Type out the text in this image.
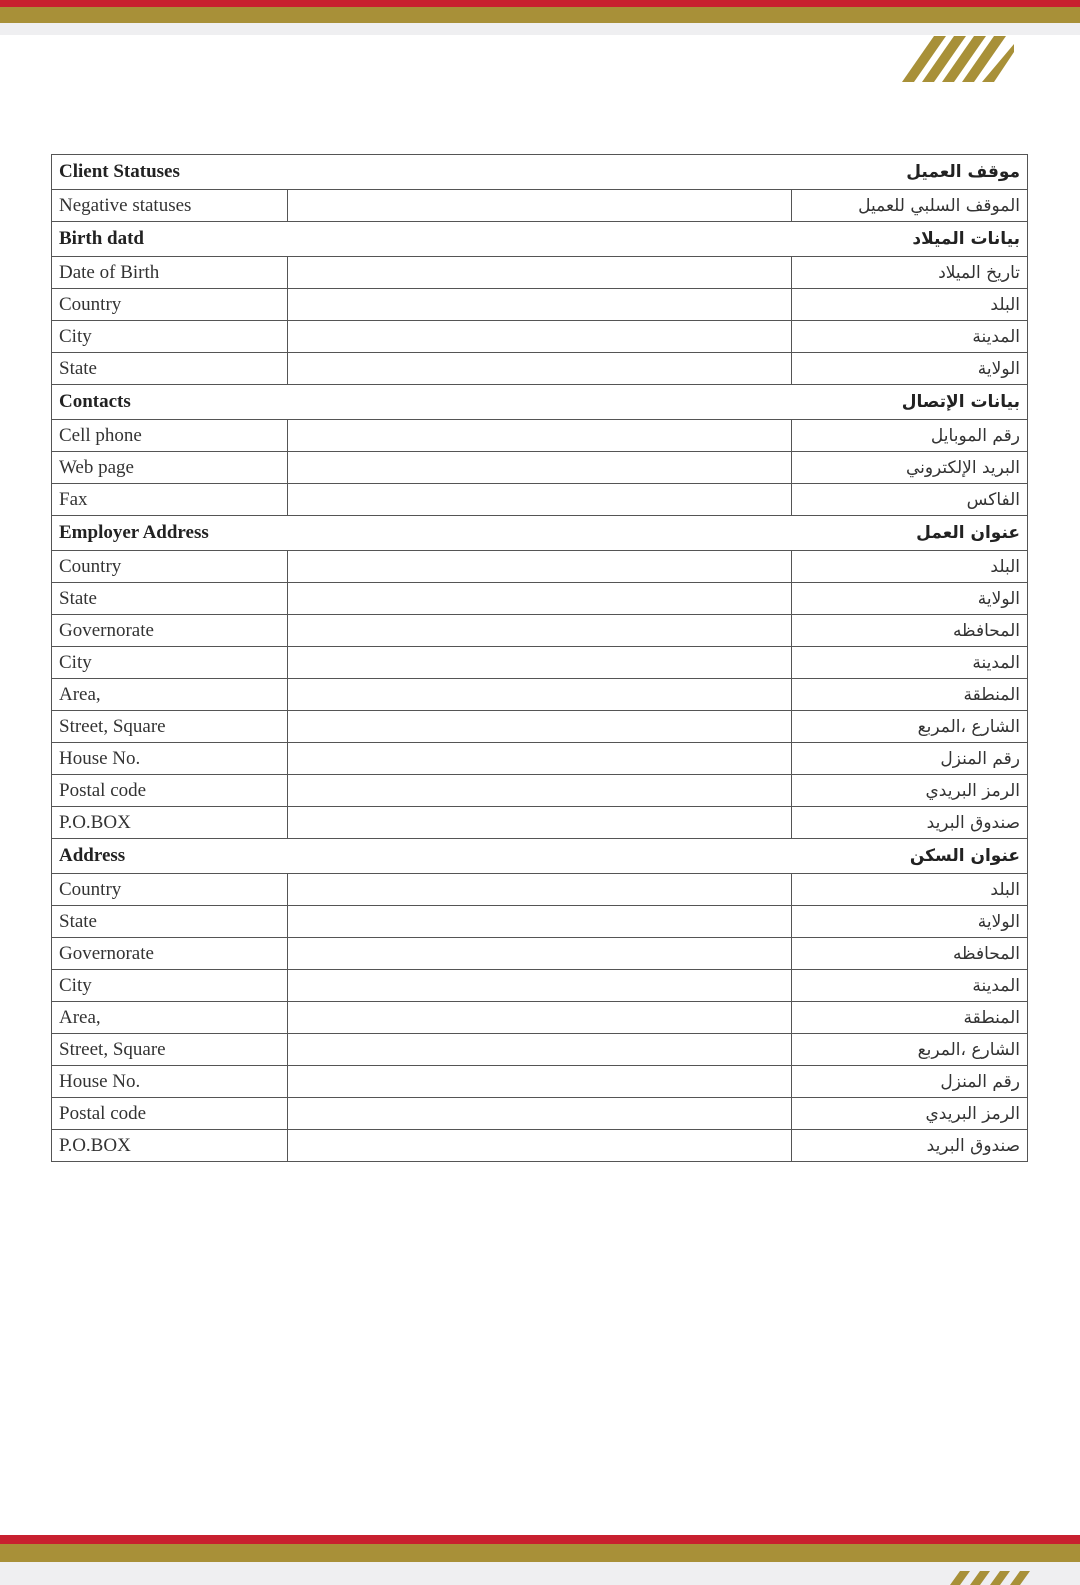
Client Statuses موقف العميل		

Negative statuses		الموقف السلبي للعميل

Birth datd بيانات الميلاد		

Date of Birth		تاريخ الميلاد
Country		البلد
City		المدينة
State		الولاية

Contacts بيانات الإتصال		

Cell phone		رقم الموبايل
Web page		البريد الإلكتروني
Fax		الفاكس

Employer Address عنوان العمل		

Country		البلد
State		الولاية
Governorate		المحافظه
City		المدينة
Area,		المنطقة
Street, Square		الشارع ،المربع
House No.		رقم المنزل
Postal code		الرمز البريدي
P.O.BOX		صندوق البريد

Address عنوان السكن		

Country		البلد
State		الولاية
Governorate		المحافظه
City		المدينة
Area,		المنطقة
Street, Square		الشارع ،المربع
House No.		رقم المنزل
Postal code		الرمز البريدي
P.O.BOX		صندوق البريد
